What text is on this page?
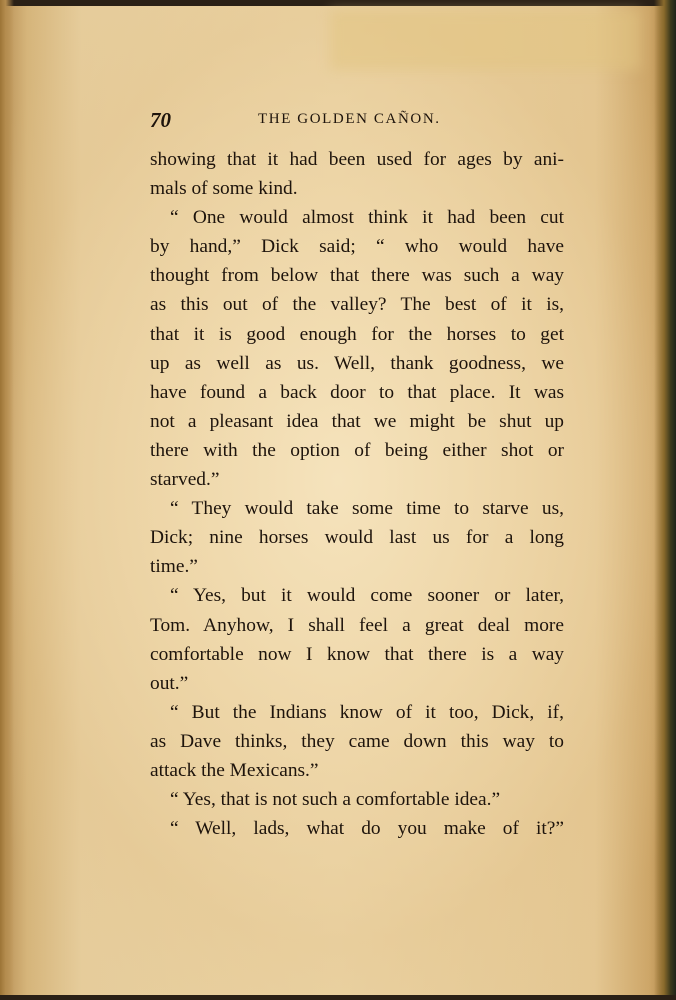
70	THE GOLDEN CAÑON.
showing that it had been used for ages by ani-
mals of some kind.
“ One would almost think it had been cut
by hand,” Dick said; “ who would have
thought from below that there was such a way
as this out of the valley? The best of it is,
that it is good enough for the horses to get
up as well as us. Well, thank goodness, we
have found a back door to that place. It was
not a pleasant idea that we might be shut up
there with the option of being either shot or
starved.”
“ They would take some time to starve us,
Dick; nine horses would last us for a long
time.”
“ Yes, but it would come sooner or later,
Tom. Anyhow, I shall feel a great deal more
comfortable now I know that there is a way
out.”
“ But the Indians know of it too, Dick, if,
as Dave thinks, they came down this way to
attack the Mexicans.”
“ Yes, that is not such a comfortable idea.”
“ Well, lads, what do you make of it?”
